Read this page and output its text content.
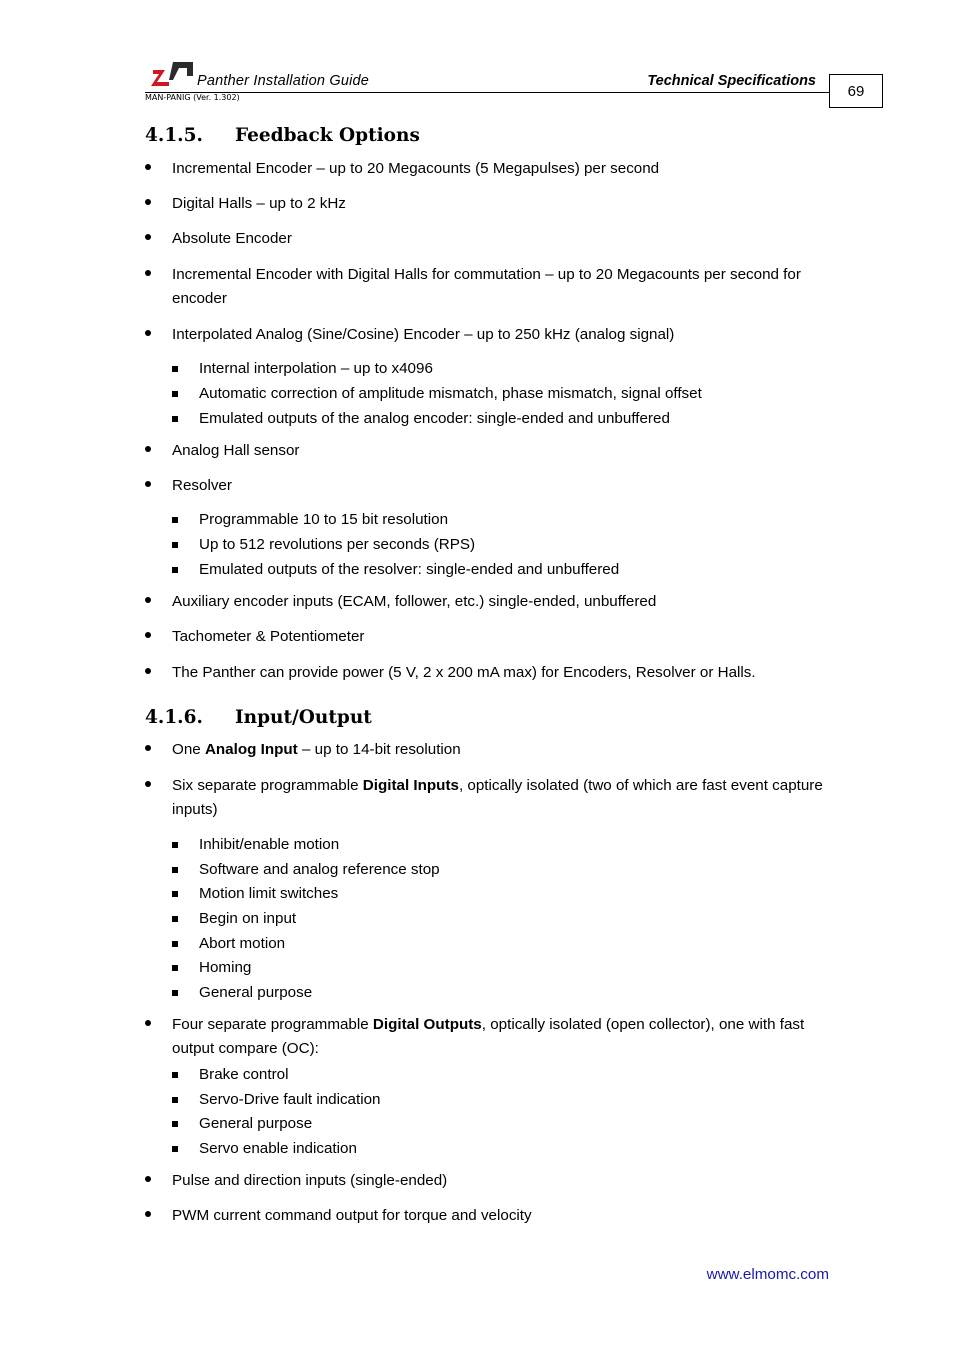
Panther Installation Guide	Technical Specifications
MAN-PANIG (Ver. 1.302)	69
4.1.5. Feedback Options
Incremental Encoder – up to 20 Megacounts (5 Megapulses) per second
Digital Halls – up to 2 kHz
Absolute Encoder
Incremental Encoder with Digital Halls for commutation – up to 20 Megacounts per second for encoder
Interpolated Analog (Sine/Cosine) Encoder – up to 250 kHz (analog signal)
Internal interpolation – up to x4096
Automatic correction of amplitude mismatch, phase mismatch, signal offset
Emulated outputs of the analog encoder: single-ended and unbuffered
Analog Hall sensor
Resolver
Programmable 10 to 15 bit resolution
Up to 512 revolutions per seconds (RPS)
Emulated outputs of the resolver: single-ended and unbuffered
Auxiliary encoder inputs (ECAM, follower, etc.) single-ended, unbuffered
Tachometer & Potentiometer
The Panther can provide power (5 V, 2 x 200 mA max) for Encoders, Resolver or Halls.
4.1.6. Input/Output
One Analog Input – up to 14-bit resolution
Six separate programmable Digital Inputs, optically isolated (two of which are fast event capture inputs)
Inhibit/enable motion
Software and analog reference stop
Motion limit switches
Begin on input
Abort motion
Homing
General purpose
Four separate programmable Digital Outputs, optically isolated (open collector), one with fast output compare (OC):
Brake control
Servo-Drive fault indication
General purpose
Servo enable indication
Pulse and direction inputs (single-ended)
PWM current command output for torque and velocity
www.elmomc.com
